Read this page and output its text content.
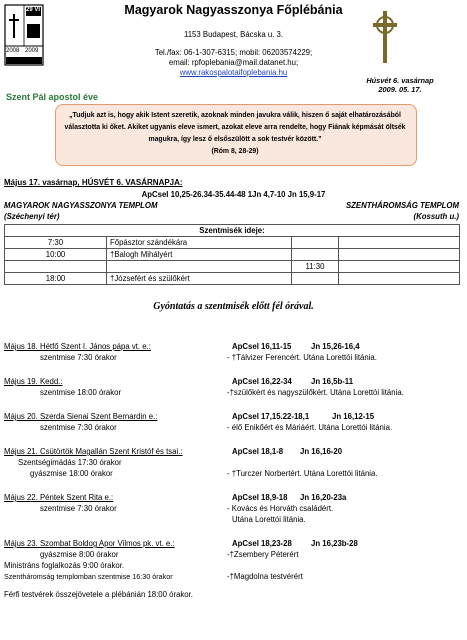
29 VI
2008 2009
Magyarok Nagyasszonya Főplébánia
1153 Budapest, Bácska u. 3.
Tel./fax: 06-1-307-6315; mobil: 06203574229;
email: rpfoplebania@mail.datanet.hu;
www.rakospalotaifoplebania.hu
Húsvét 6. vasárnap
2009. 05. 17.
Szent Pál apostol éve
„Tudjuk azt is, hogy akik Istent szeretik, azoknak minden javukra válik, hiszen ő saját elhatározásából
választotta ki őket. Akiket ugyanis eleve ismert, azokat eleve arra rendelte, hogy Fiának képmását öltsék
magukra, így lesz ő elsőszülött a sok testvér között.”
(Róm 8, 28-29)
Május 17. vasárnap, HÚSVÉT 6. VASÁRNAPJA:
ApCsel 10,25-26.34-35.44-48 1Jn 4,7-10 Jn 15,9-17
MAGYAROK NAGYASSZONYA TEMPLOM	SZENTHÁROMSÁG TEMPLOM
(Széchenyi tér)	(Kossuth u.)
Szentmisék ideje:			
7:30	Főpásztor szándékára		
10:00	†Balogh Mihályért		
		11:30	
18:00	†Józsefért és szülőkért		
Gyóntatás a szentmisék előtt fél órával.
Május 18. Hétfő Szent I. János pápa vt. e.:	ApCsel 16,11-15	Jn 15,26-16,4
szentmise 7:30 órakor	- †Tálvizer Ferencért. Utána Lorettói litánia.
Május 19. Kedd.:	ApCsel 16,22-34 Jn 16,5b-11
szentmise 18:00 órakor	-†szülőkért és nagyszülőkért. Utána Lorettói litánia.
Május 20. Szerda Sienai Szent Bernardin e.:	ApCsel 17,15.22-18,1	Jn 16,12-15
szentmise 7:30 órakor	- élő Enikőért és Máriáért. Utána Lorettói litánia.
Május 21. Csütörtök Magallán Szent Kristóf és tsai.:	ApCsel 18,1-8 Jn 16,16-20
Szentségimádás 17:30 órakor
gyászmise 18:00 órakor	- †Turczer Norbertért. Utána Lorettói litánia.
Május 22. Péntek Szent Rita e.:	ApCsel 18,9-18 Jn 16,20-23a
szentmise 7:30 órakor	- Kovács és Horváth családért.
Utána Lorettói litánia.
Május 23. Szombat Boldog Apor Vilmos pk. vt. e.:	ApCsel 18,23-28 Jn 16,23b-28
gyászmise 8:00 órakor	-†Zsembery Péterért
Ministráns foglalkozás 9:00 órakor.
Szentháromság templomban szentmise 16:30 órakor	-†Magdolna testvérért
Férfi testvérek összejövetele a plébánián 18:00 órakor.
